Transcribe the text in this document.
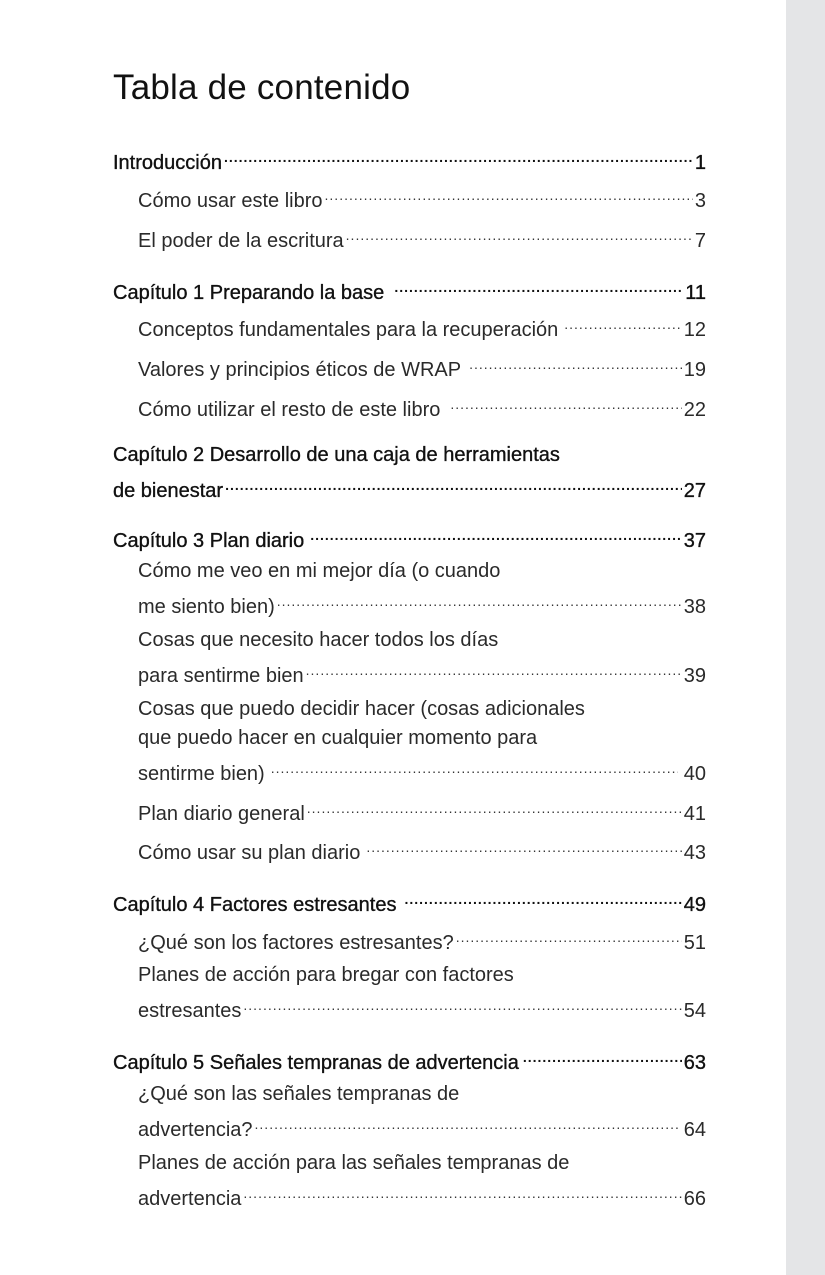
Tabla de contenido
Introducción .....	1
Cómo usar este libro .....	3
El poder de la escritura .....	7
Capítulo 1 Preparando la base .....	11
Conceptos fundamentales para la recuperación .....	12
Valores y principios éticos de WRAP .....	19
Cómo utilizar el resto de este libro .....	22
Capítulo 2 Desarrollo de una caja de herramientas
de bienestar .....	27
Capítulo 3 Plan diario .....	37
Cómo me veo en mi mejor día (o cuando
me siento bien) .....	38
Cosas que necesito hacer todos los días
para sentirme bien .....	39
Cosas que puedo decidir hacer (cosas adicionales
que puedo hacer en cualquier momento para
sentirme bien) .....	40
Plan diario general .....	41
Cómo usar su plan diario .....	43
Capítulo 4 Factores estresantes .....	49
¿Qué son los factores estresantes? .....	51
Planes de acción para bregar con factores
estresantes .....	54
Capítulo 5 Señales tempranas de advertencia .....	63
¿Qué son las señales tempranas de
advertencia? .....	64
Planes de acción para las señales tempranas de
advertencia .....	66
